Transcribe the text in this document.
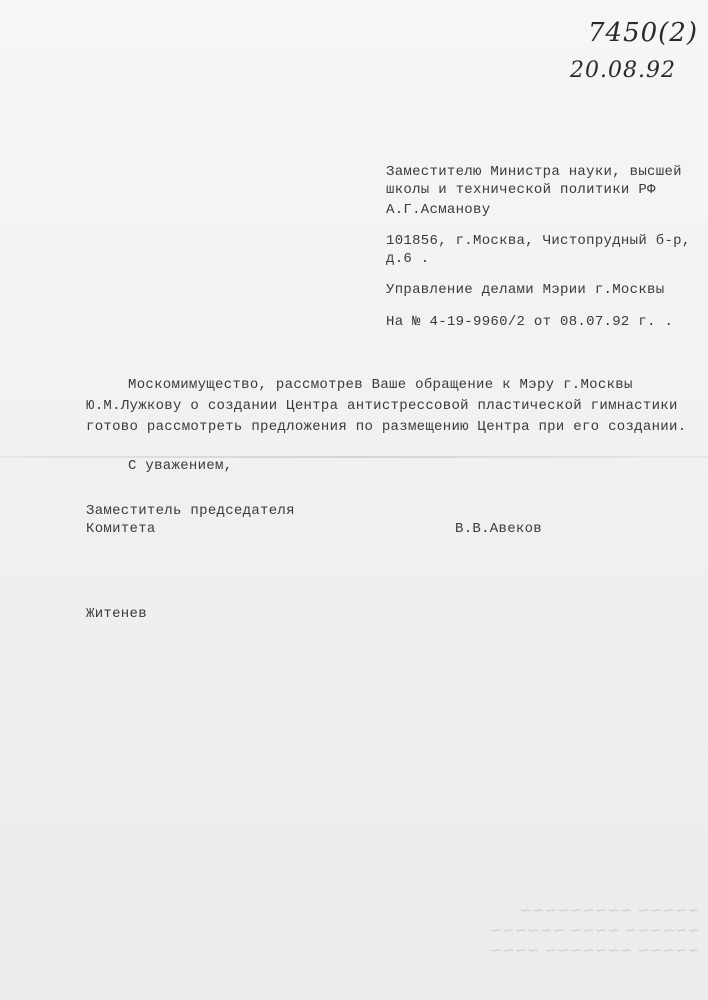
7450(2)
20.08.92
Заместителю Министра науки, высшей
школы и технической политики РФ
А.Г.Асманову
101856, г.Москва, Чистопрудный б-р,
д.6 .
Управление делами Мэрии г.Москвы
На № 4-19-9960/2 от 08.07.92 г. .
Москомимущество, рассмотрев Ваше обращение к Мэру г.Москвы
Ю.М.Лужкову о создании Центра антистрессовой пластической гимнастики
готово рассмотреть предложения по размещению Центра при его создании.
С уважением,
Заместитель председателя
Комитета	В.В.Авеков
Житенев
~~~~~ ~~~~~~~~~
~~~~~~ ~~~~ ~~~~~~
~~~~~ ~~~~~~~ ~~~~
